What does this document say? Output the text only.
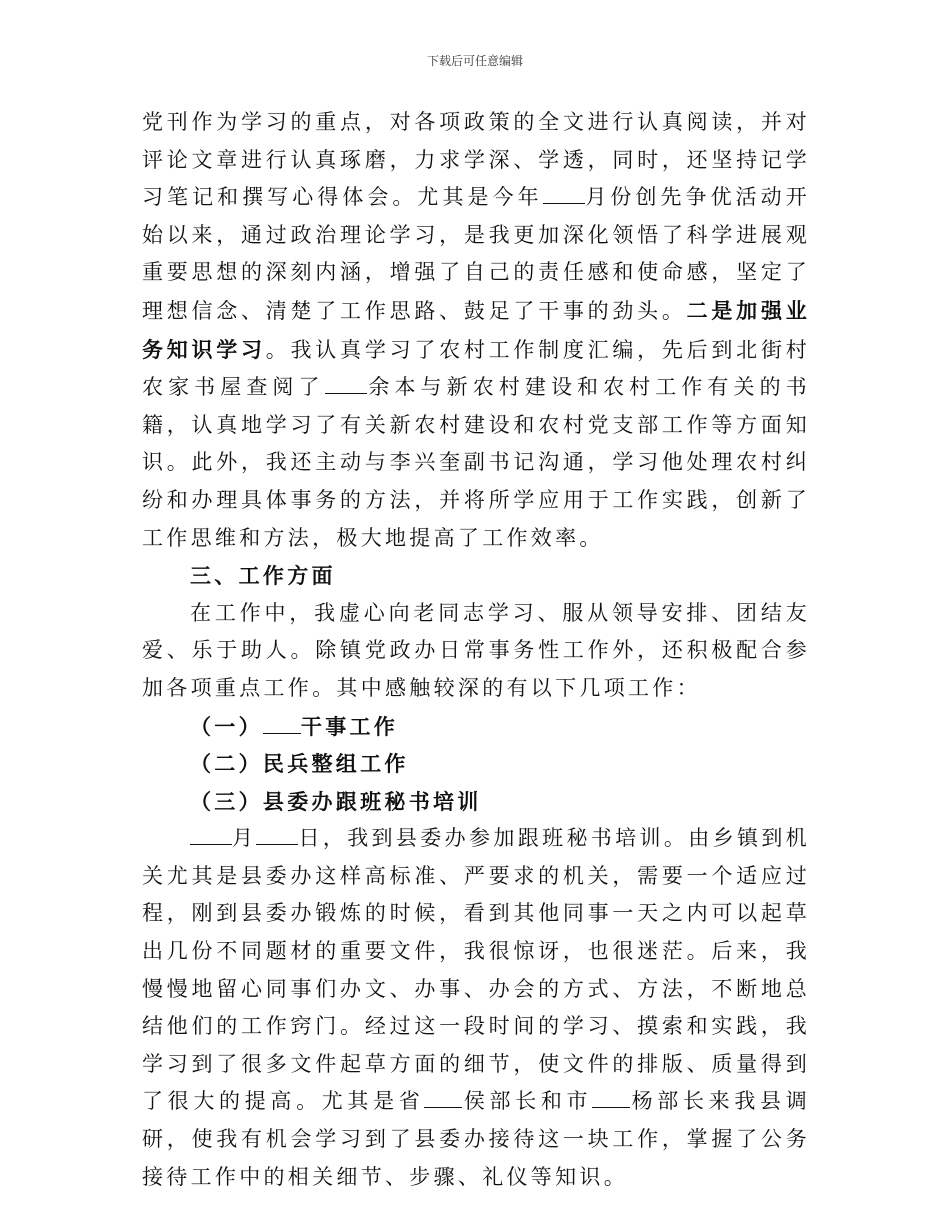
下载后可任意编辑

党刊作为学习的重点，对各项政策的全文进行认真阅读，并对评论文章进行认真琢磨，力求学深、学透，同时，还坚持记学习笔记和撰写心得体会。尤其是今年 月份创先争优活动开始以来，通过政治理论学习，是我更加深化领悟了科学进展观重要思想的深刻内涵，增强了自己的责任感和使命感，坚定了理想信念、清楚了工作思路、鼓足了干事的劲头。二是加强业务知识学习。我认真学习了农村工作制度汇编，先后到北街村农家书屋查阅了 余本与新农村建设和农村工作有关的书籍，认真地学习了有关新农村建设和农村党支部工作等方面知识。此外，我还主动与李兴奎副书记沟通，学习他处理农村纠纷和办理具体事务的方法，并将所学应用于工作实践，创新了工作思维和方法，极大地提高了工作效率。

三、工作方面

在工作中，我虚心向老同志学习、服从领导安排、团结友爱、乐于助人。除镇党政办日常事务性工作外，还积极配合参加各项重点工作。其中感触较深的有以下几项工作：

（一） 干事工作

（二）民兵整组工作

（三）县委办跟班秘书培训

月 日，我到县委办参加跟班秘书培训。由乡镇到机关尤其是县委办这样高标准、严要求的机关，需要一个适应过程，刚到县委办锻炼的时候，看到其他同事一天之内可以起草出几份不同题材的重要文件，我很惊讶，也很迷茫。后来，我慢慢地留心同事们办文、办事、办会的方式、方法，不断地总结他们的工作窍门。经过这一段时间的学习、摸索和实践，我学习到了很多文件起草方面的细节，使文件的排版、质量得到了很大的提高。尤其是省 侯部长和市 杨部长来我县调研，使我有机会学习到了县委办接待这一块工作，掌握了公务接待工作中的相关细节、步骤、礼仪等知识。
